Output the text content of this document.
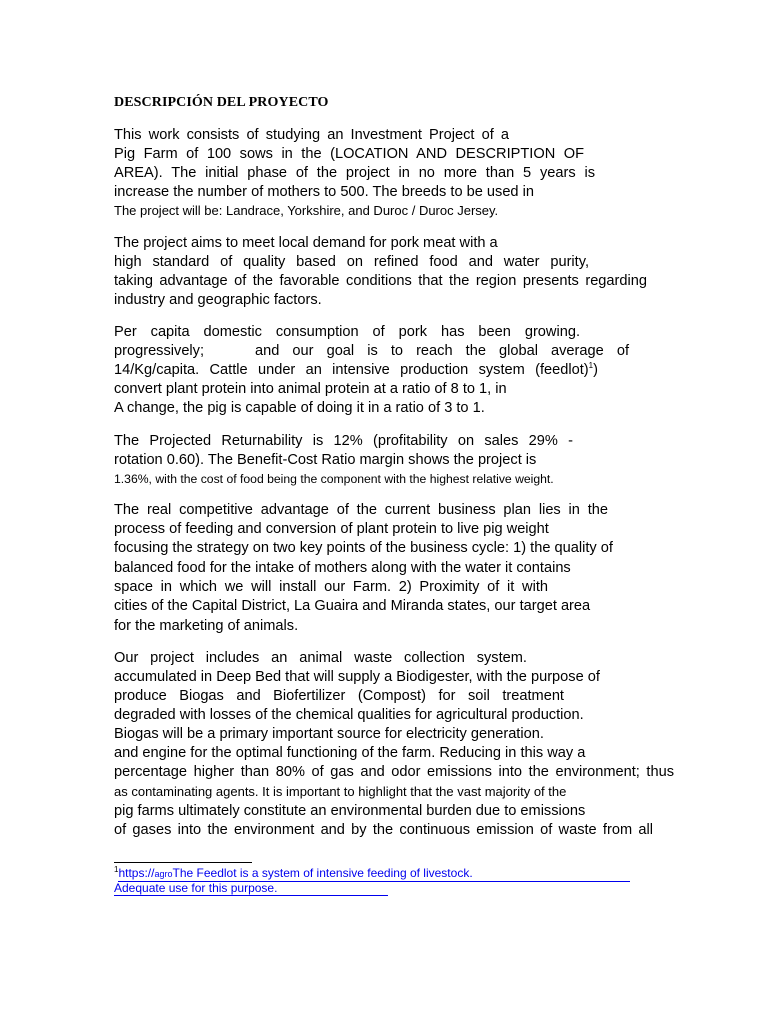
DESCRIPCIÓN DEL PROYECTO
This work consists of studying an Investment Project of a
Pig Farm of 100 sows in the (LOCATION AND DESCRIPTION OF
AREA). The initial phase of the project in no more than 5 years is
increase the number of mothers to 500. The breeds to be used in
The project will be: Landrace, Yorkshire, and Duroc / Duroc Jersey.
The project aims to meet local demand for pork meat with a
high standard of quality based on refined food and water purity,
taking advantage of the favorable conditions that the region presents regarding
industry and geographic factors.
Per capita domestic consumption of pork has been growing.
progressively;	and our goal is to reach the global average of
14/Kg/capita. Cattle under an intensive production system (feedlot)$^1$)
convert plant protein into animal protein at a ratio of 8 to 1, in
A change, the pig is capable of doing it in a ratio of 3 to 1.
The Projected Returnability is 12% (profitability on sales 29% -
rotation 0.60). The Benefit-Cost Ratio margin shows the project is
1.36%, with the cost of food being the component with the highest relative weight.
The real competitive advantage of the current business plan lies in the
process of feeding and conversion of plant protein to live pig weight
focusing the strategy on two key points of the business cycle: 1) the quality of
balanced food for the intake of mothers along with the water it contains
space in which we will install our Farm. 2) Proximity of it with
cities of the Capital District, La Guaira and Miranda states, our target area
for the marketing of animals.
Our project includes an animal waste collection system.
accumulated in Deep Bed that will supply a Biodigester, with the purpose of
produce Biogas and Biofertilizer (Compost) for soil treatment
degraded with losses of the chemical qualities for agricultural production.
Biogas will be a primary important source for electricity generation.
and engine for the optimal functioning of the farm. Reducing in this way a
percentage higher than 80% of gas and odor emissions into the environment; thus
as contaminating agents. It is important to highlight that the vast majority of the
pig farms ultimately constitute an environmental burden due to emissions
of gases into the environment and by the continuous emission of waste from all
$^1$https://agroThe Feedlot is a system of intensive feeding of livestock.
Adequate use for this purpose.
